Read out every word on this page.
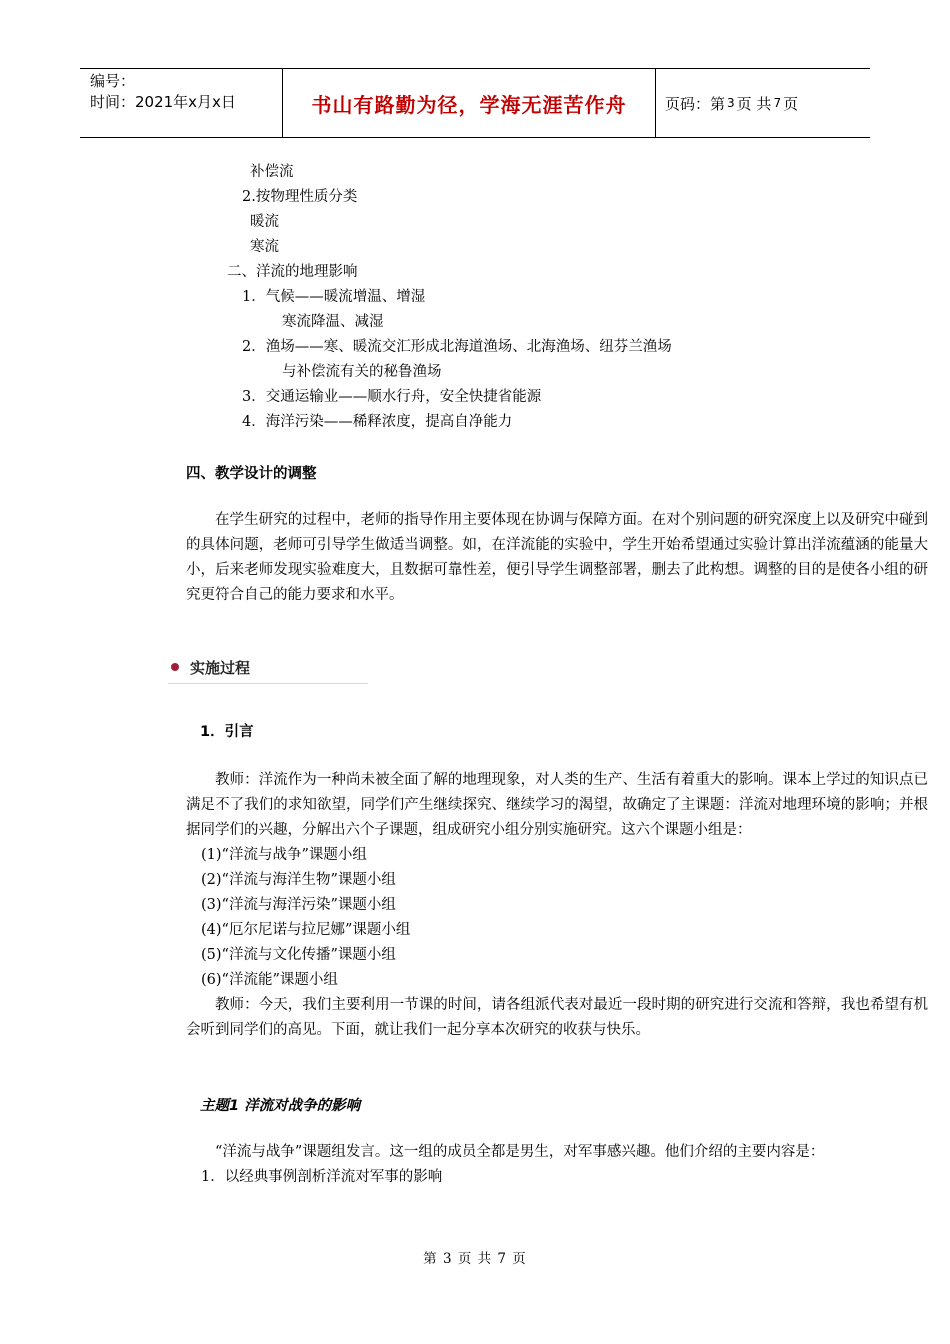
编号：
时间：2021年x月x日	书山有路勤为径，学海无涯苦作舟	页码：第 3 页 共 7 页
补偿流
2.按物理性质分类
暖流
寒流
二、洋流的地理影响
1．气候——暖流增温、增湿
寒流降温、减湿
2．渔场——寒、暖流交汇形成北海道渔场、北海渔场、纽芬兰渔场
与补偿流有关的秘鲁渔场
3．交通运输业——顺水行舟，安全快捷省能源
4．海洋污染——稀释浓度，提高自净能力
四、教学设计的调整

在学生研究的过程中，老师的指导作用主要体现在协调与保障方面。在对个别问题的研究深度上以及研究中碰到的具体问题，老师可引导学生做适当调整。如，在洋流能的实验中，学生开始希望通过实验计算出洋流蕴涵的能量大小，后来老师发现实验难度大，且数据可靠性差，便引导学生调整部署，删去了此构想。调整的目的是使各小组的研究更符合自己的能力要求和水平。

实施过程
1．引言

教师：洋流作为一种尚未被全面了解的地理现象，对人类的生产、生活有着重大的影响。课本上学过的知识点已满足不了我们的求知欲望，同学们产生继续探究、继续学习的渴望，故确定了主课题：洋流对地理环境的影响；并根据同学们的兴趣，分解出六个子课题，组成研究小组分别实施研究。这六个课题小组是：

(1)“洋流与战争”课题小组
(2)“洋流与海洋生物”课题小组
(3)“洋流与海洋污染”课题小组
(4)“厄尔尼诺与拉尼娜”课题小组
(5)“洋流与文化传播”课题小组
(6)“洋流能”课题小组

教师：今天，我们主要利用一节课的时间，请各组派代表对最近一段时期的研究进行交流和答辩，我也希望有机会听到同学们的高见。下面，就让我们一起分享本次研究的收获与快乐。

主题1 洋流对战争的影响

“洋流与战争”课题组发言。这一组的成员全都是男生，对军事感兴趣。他们介绍的主要内容是：

1．以经典事例剖析洋流对军事的影响
第 3 页 共 7 页
